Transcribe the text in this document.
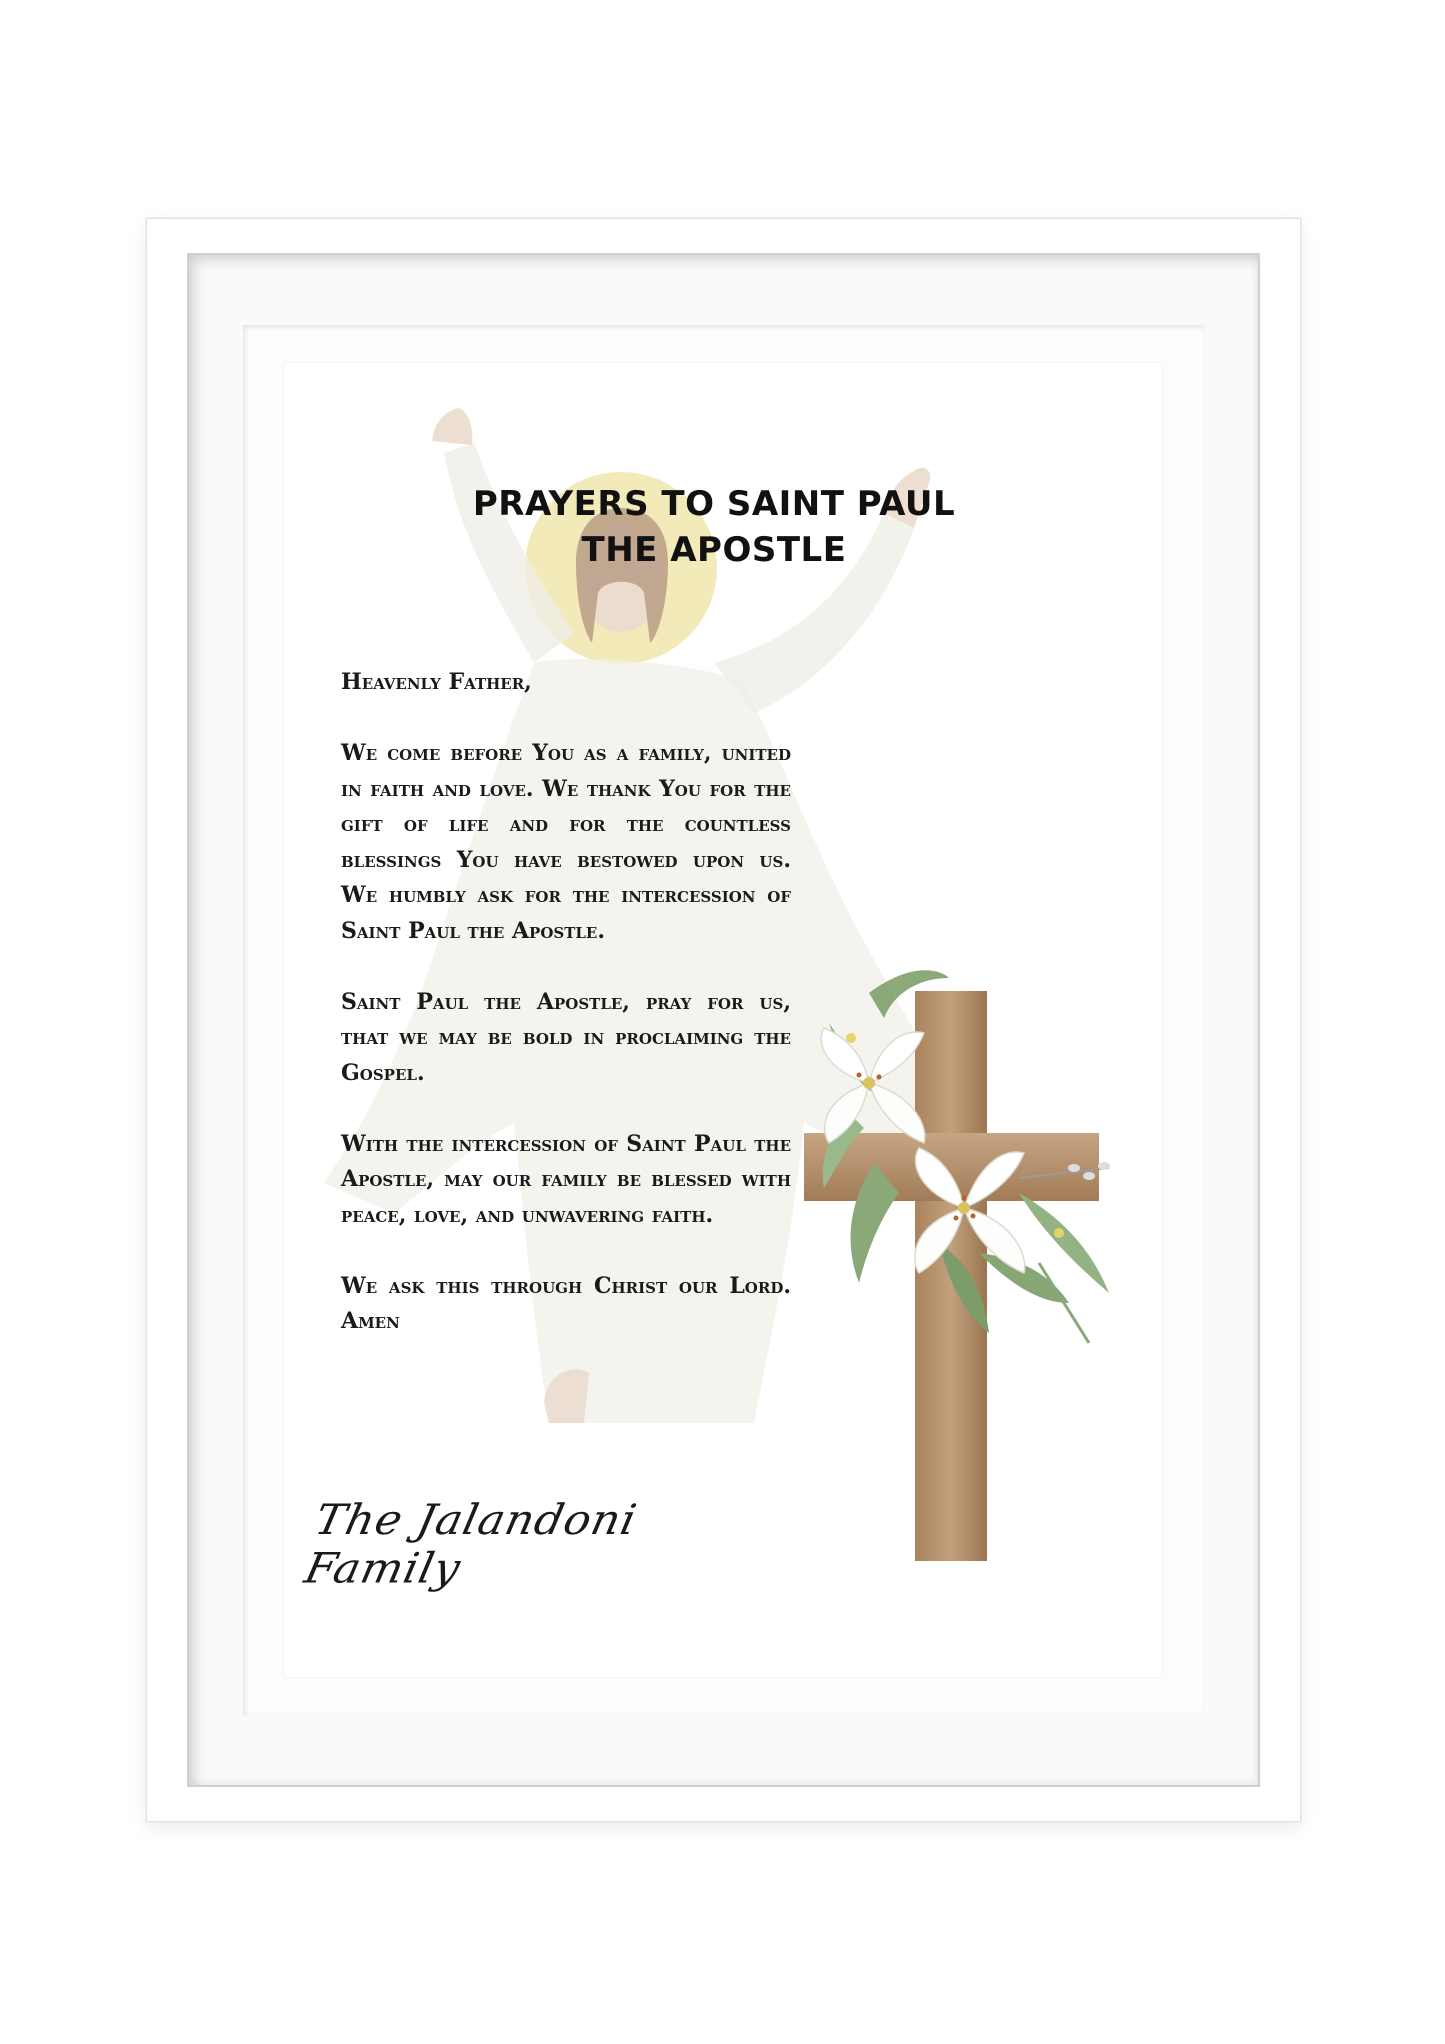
PRAYERS TO SAINT PAUL
THE APOSTLE

Heavenly Father,

We come before You as a family, united in faith and love. We thank You for the gift of life and for the countless blessings You have bestowed upon us. We humbly ask for the intercession of Saint Paul the Apostle.

Saint Paul the Apostle, pray for us, that we may be bold in proclaiming the Gospel.

With the intercession of Saint Paul the Apostle, may our family be blessed with peace, love, and unwavering faith.

We ask this through Christ our Lord. Amen

The Jalandoni Family
